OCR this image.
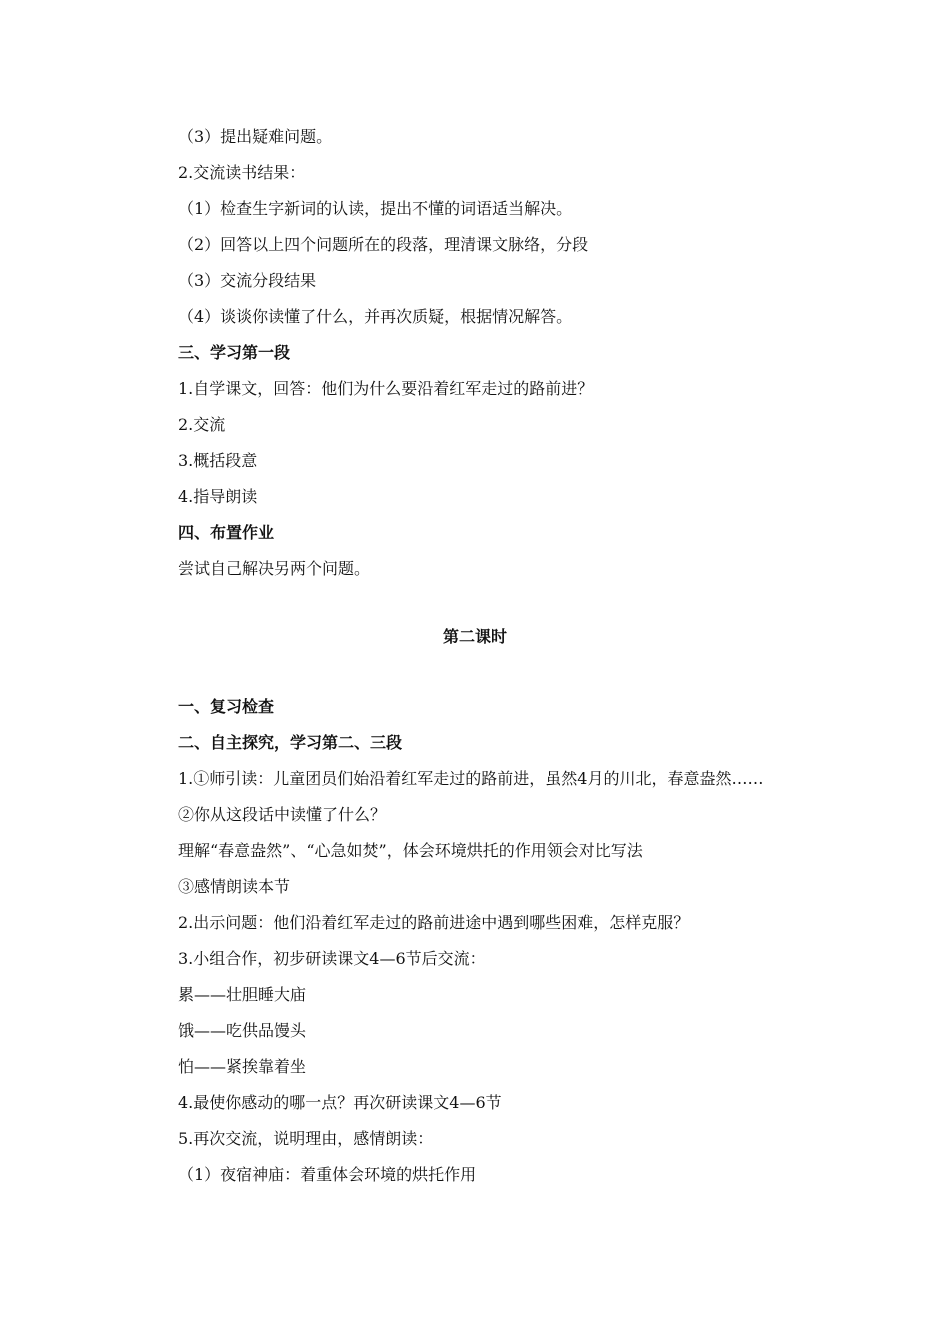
（3）提出疑难问题。

2.交流读书结果：

（1）检查生字新词的认读，提出不懂的词语适当解决。

（2）回答以上四个问题所在的段落，理清课文脉络，分段

（3）交流分段结果

（4）谈谈你读懂了什么，并再次质疑，根据情况解答。

三、学习第一段

1.自学课文，回答：他们为什么要沿着红军走过的路前进？

2.交流

3.概括段意

4.指导朗读

四、布置作业

尝试自己解决另两个问题。

第二课时

一、复习检查

二、自主探究，学习第二、三段

1.①师引读：儿童团员们始沿着红军走过的路前进，虽然4月的川北，春意盎然……

②你从这段话中读懂了什么？

理解“春意盎然”、“心急如焚”，体会环境烘托的作用领会对比写法

③感情朗读本节

2.出示问题：他们沿着红军走过的路前进途中遇到哪些困难，怎样克服？

3.小组合作，初步研读课文4—6节后交流：

累——壮胆睡大庙

饿——吃供品馒头

怕——紧挨靠着坐

4.最使你感动的哪一点？再次研读课文4—6节

5.再次交流，说明理由，感情朗读：

（1）夜宿神庙：着重体会环境的烘托作用
